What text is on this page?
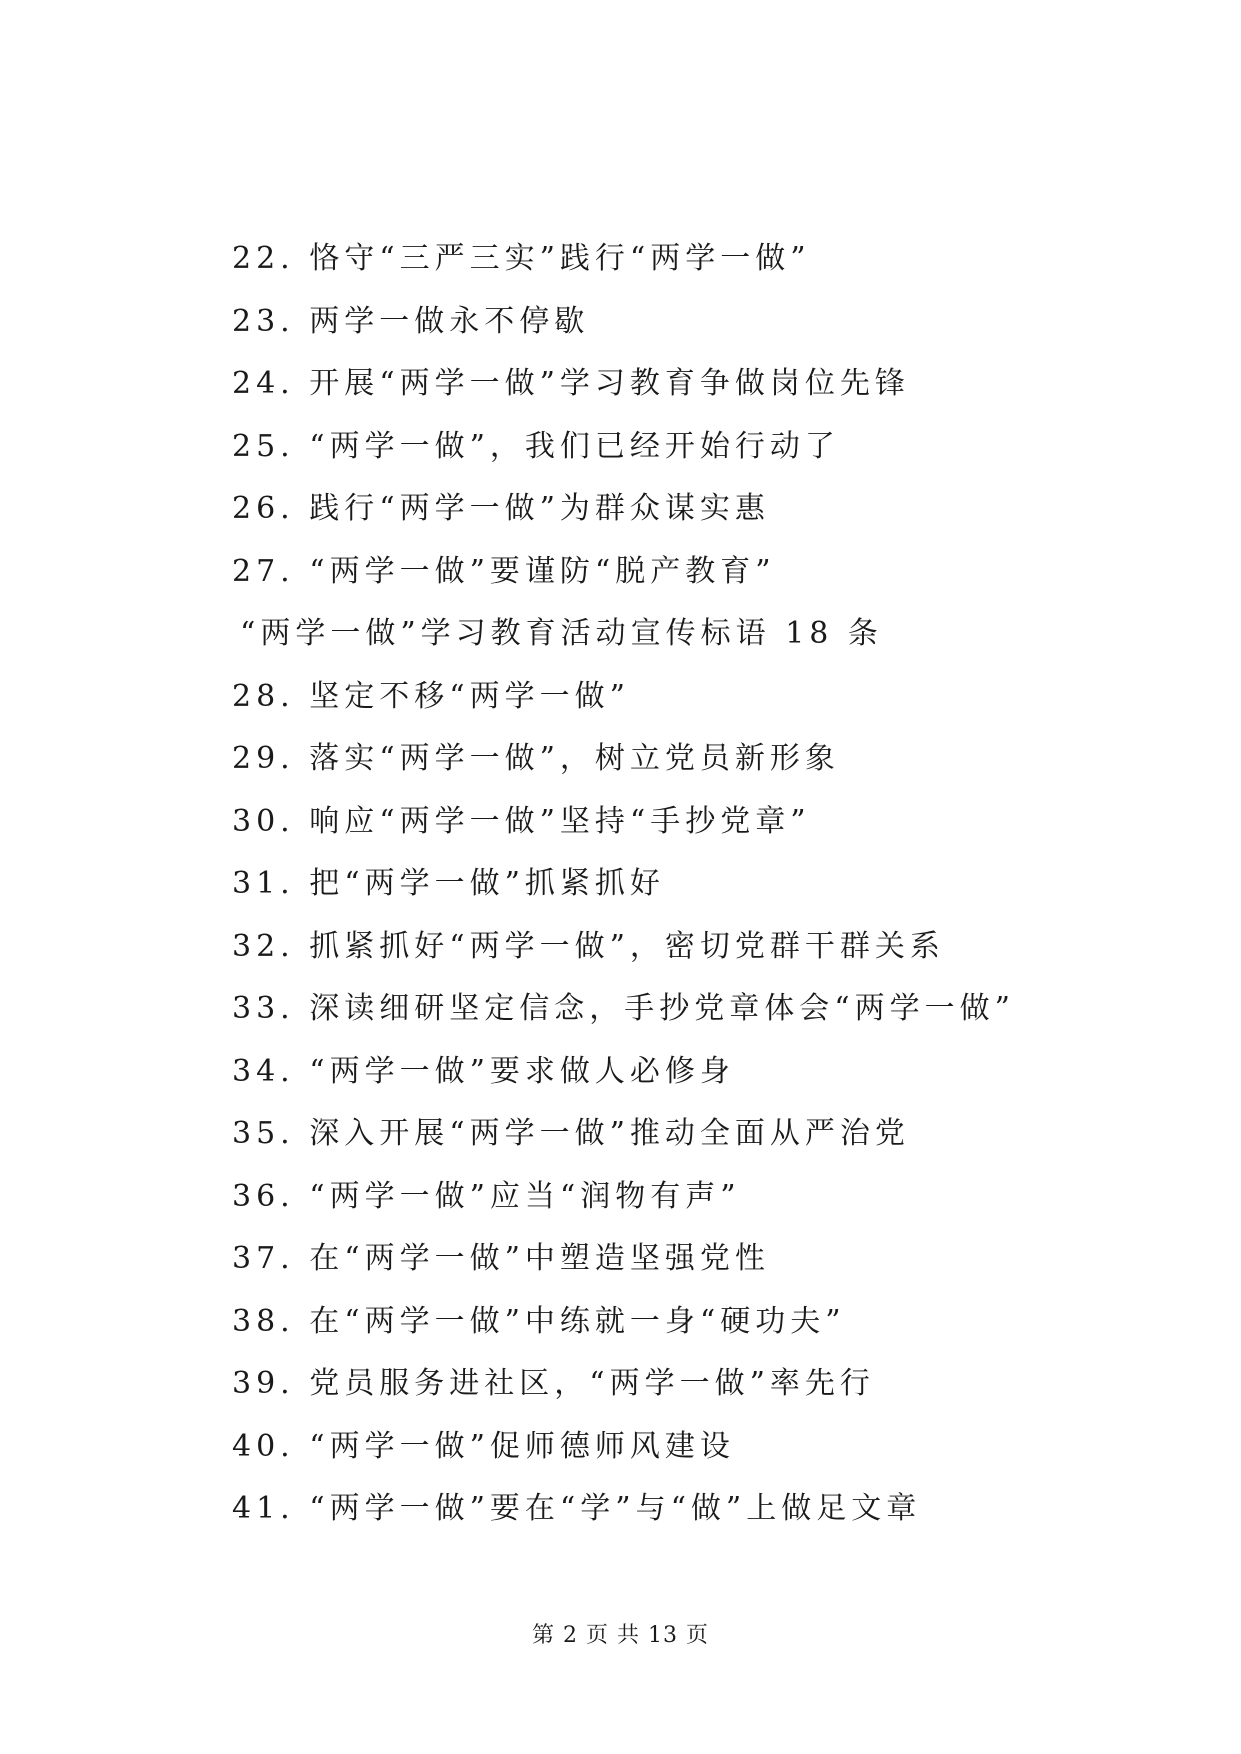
22. 恪守“三严三实”践行“两学一做”
23. 两学一做永不停歇
24. 开展“两学一做”学习教育争做岗位先锋
25. “两学一做”，我们已经开始行动了
26. 践行“两学一做”为群众谋实惠
27. “两学一做”要谨防“脱产教育”
“两学一做”学习教育活动宣传标语 18 条
28. 坚定不移“两学一做”
29. 落实“两学一做”，树立党员新形象
30. 响应“两学一做”坚持“手抄党章”
31. 把“两学一做”抓紧抓好
32. 抓紧抓好“两学一做”，密切党群干群关系
33. 深读细研坚定信念，手抄党章体会“两学一做”
34. “两学一做”要求做人必修身
35. 深入开展“两学一做”推动全面从严治党
36. “两学一做”应当“润物有声”
37. 在“两学一做”中塑造坚强党性
38. 在“两学一做”中练就一身“硬功夫”
39. 党员服务进社区，“两学一做”率先行
40. “两学一做”促师德师风建设
41. “两学一做”要在“学”与“做”上做足文章
第 2 页 共 13 页
